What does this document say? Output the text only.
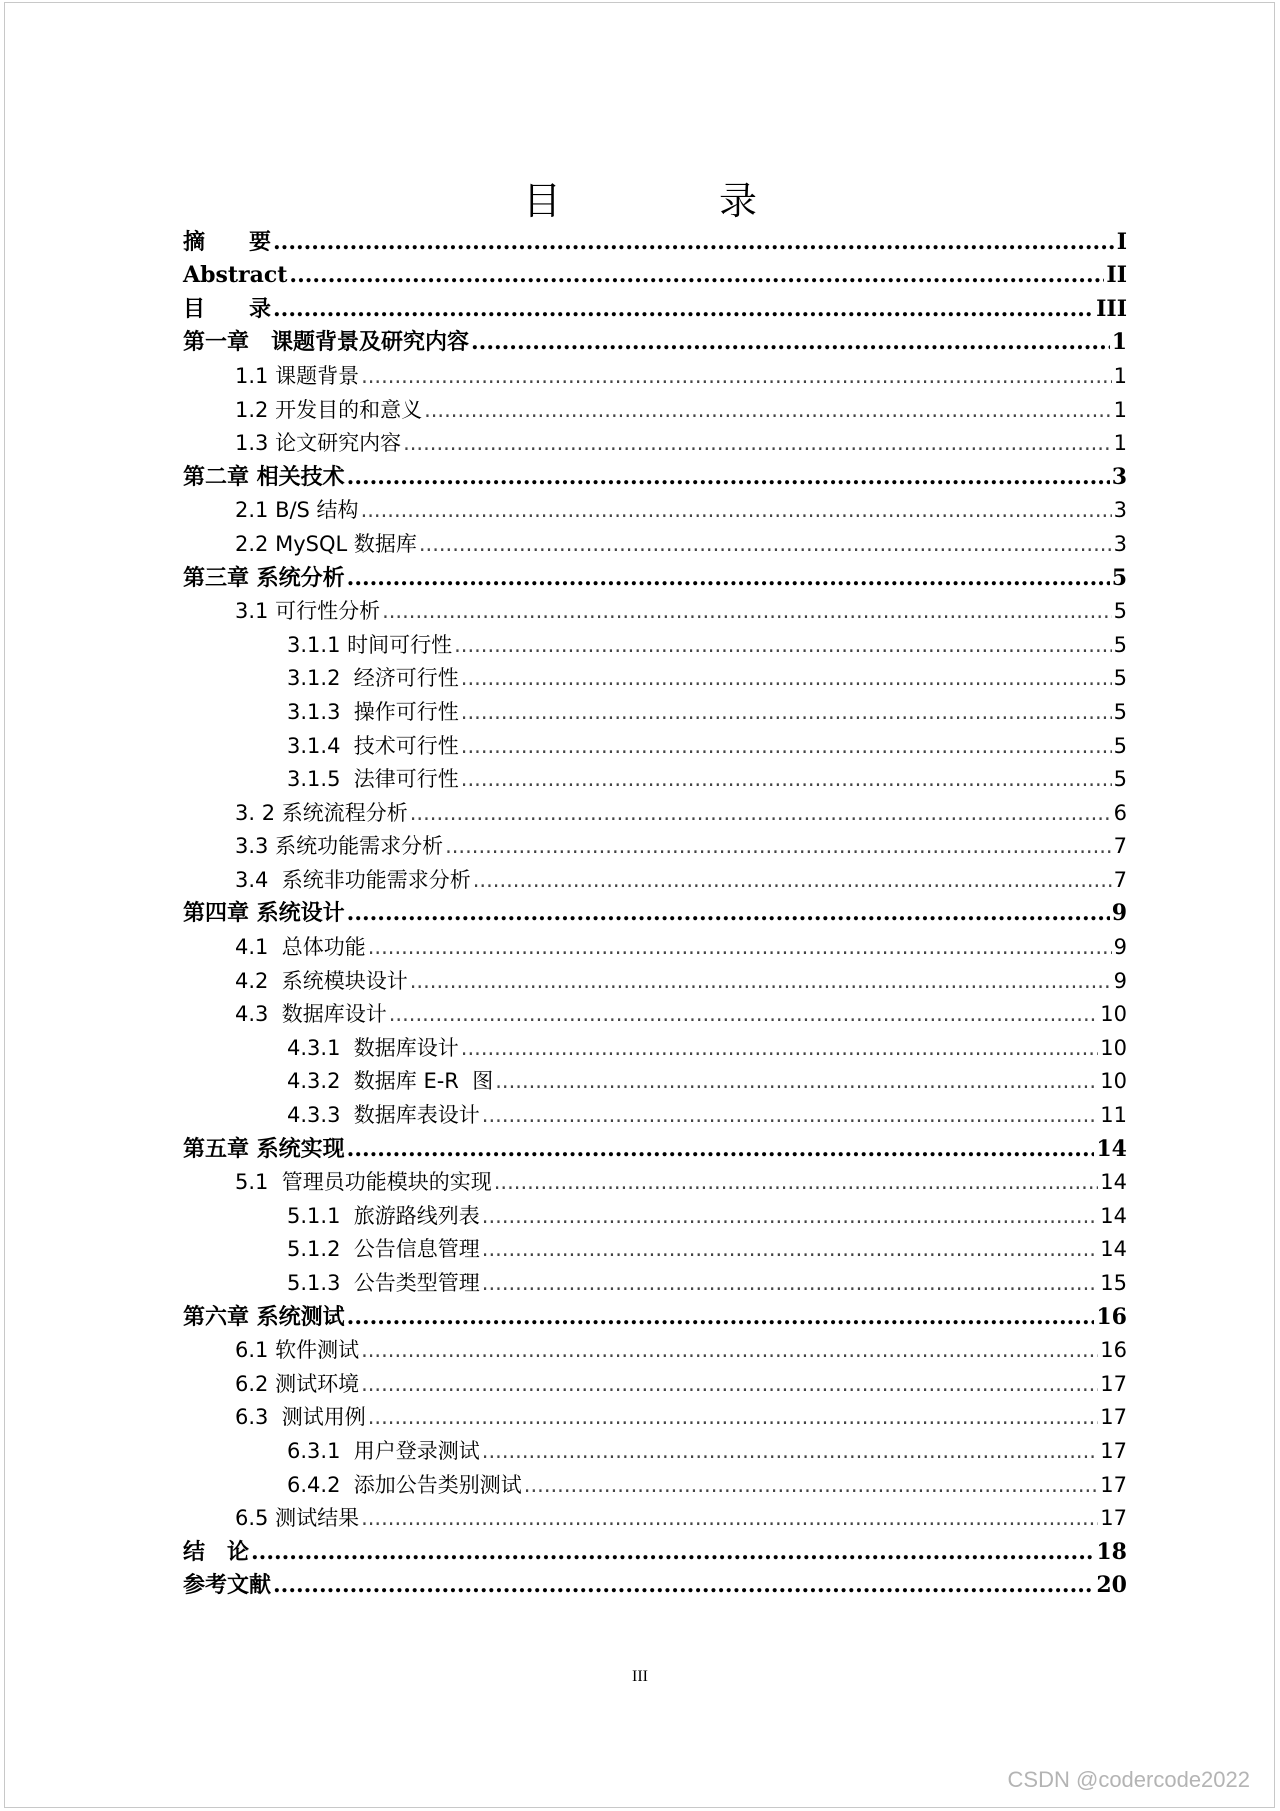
目　录
摘　　要 .....	I
Abstract .....	II
目　　录 .....	III
第一章　课题背景及研究内容 .....	1
1.1 课题背景 .....	1
1.2 开发目的和意义 .....	1
1.3 论文研究内容 .....	1
第二章 相关技术 .....	3
2.1 B/S 结构 .....	3
2.2 MySQL 数据库 .....	3
第三章 系统分析 .....	5
3.1 可行性分析 .....	5
3.1.1 时间可行性 .....	5
3.1.2  经济可行性 .....	5
3.1.3  操作可行性 .....	5
3.1.4  技术可行性 .....	5
3.1.5  法律可行性 .....	5
3. 2 系统流程分析 .....	6
3.3 系统功能需求分析 .....	7
3.4  系统非功能需求分析 .....	7
第四章 系统设计 .....	9
4.1  总体功能 .....	9
4.2  系统模块设计 .....	9
4.3  数据库设计 .....	10
4.3.1  数据库设计 .....	10
4.3.2  数据库 E-R  图 .....	10
4.3.3  数据库表设计 .....	11
第五章 系统实现 .....	14
5.1  管理员功能模块的实现 .....	14
5.1.1  旅游路线列表 .....	14
5.1.2  公告信息管理 .....	14
5.1.3  公告类型管理 .....	15
第六章 系统测试 .....	16
6.1 软件测试 .....	16
6.2 测试环境 .....	17
6.3  测试用例 .....	17
6.3.1  用户登录测试 .....	17
6.4.2  添加公告类别测试 .....	17
6.5 测试结果 .....	17
结　论 .....	18
参考文献 .....	20
III
CSDN @codercode2022
